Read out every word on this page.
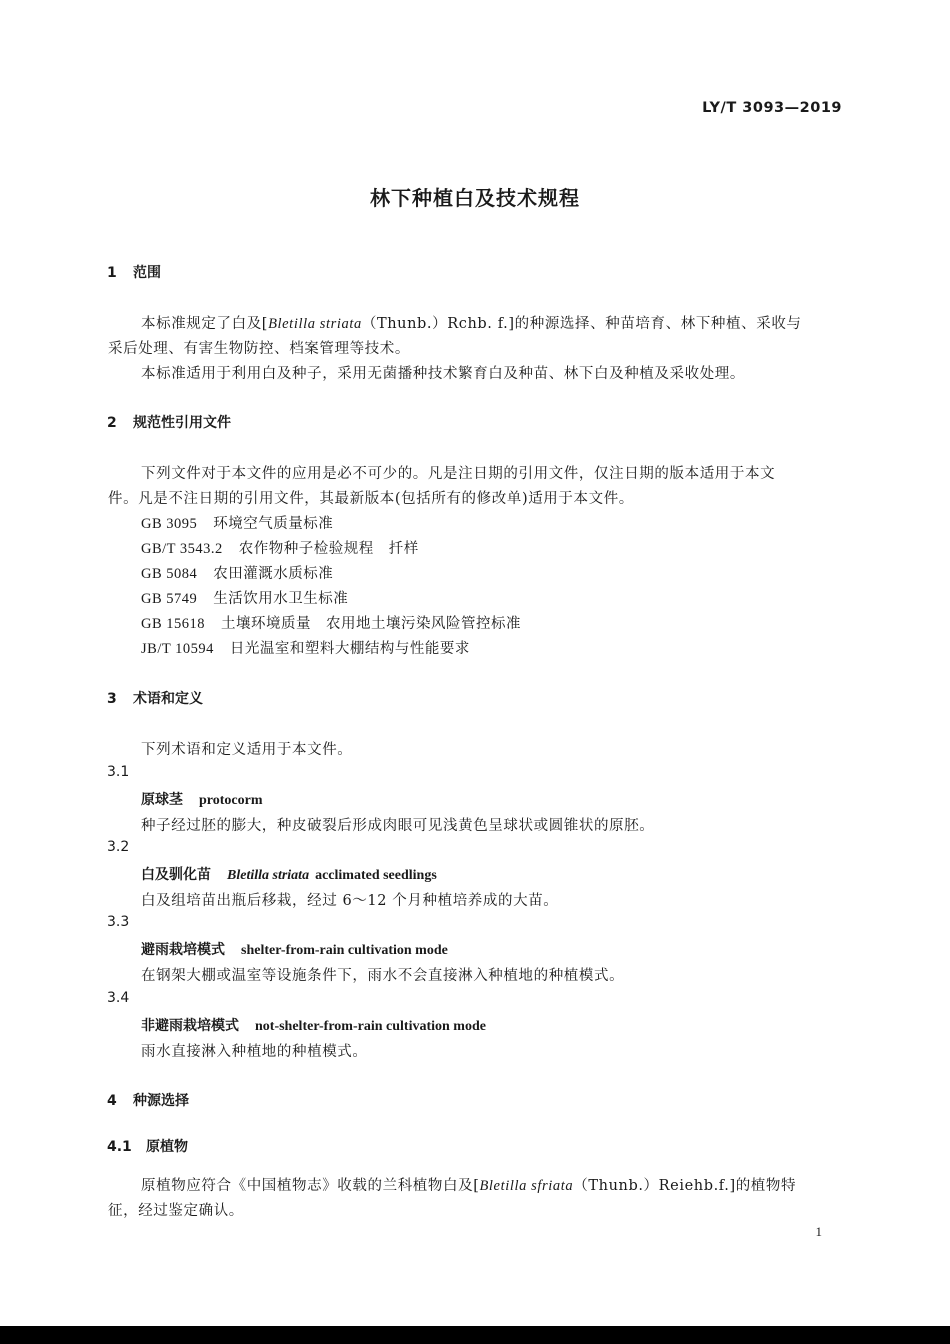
LY/T 3093—2019
林下种植白及技术规程
1 范围
本标准规定了白及[Bletilla striata（Thunb.）Rchb. f.]的种源选择、种苗培育、林下种植、采收与
采后处理、有害生物防控、档案管理等技术。
本标准适用于利用白及种子，采用无菌播种技术繁育白及种苗、林下白及种植及采收处理。
2 规范性引用文件
下列文件对于本文件的应用是必不可少的。凡是注日期的引用文件，仅注日期的版本适用于本文
件。凡是不注日期的引用文件，其最新版本(包括所有的修改单)适用于本文件。
GB 3095 环境空气质量标准
GB/T 3543.2 农作物种子检验规程　扦样
GB 5084 农田灌溉水质标准
GB 5749 生活饮用水卫生标准
GB 15618 土壤环境质量　农用地土壤污染风险管控标准
JB/T 10594 日光温室和塑料大棚结构与性能要求
3 术语和定义
下列术语和定义适用于本文件。
3.1
原球茎 protocorm
种子经过胚的膨大，种皮破裂后形成肉眼可见浅黄色呈球状或圆锥状的原胚。
3.2
白及驯化苗 Bletilla striata acclimated seedlings
白及组培苗出瓶后移栽，经过 6～12 个月种植培养成的大苗。
3.3
避雨栽培模式 shelter-from-rain cultivation mode
在钢架大棚或温室等设施条件下，雨水不会直接淋入种植地的种植模式。
3.4
非避雨栽培模式 not-shelter-from-rain cultivation mode
雨水直接淋入种植地的种植模式。
4 种源选择
4.1 原植物
原植物应符合《中国植物志》收载的兰科植物白及[Bletilla sfriata（Thunb.）Reiehb.f.]的植物特
征，经过鉴定确认。
1
